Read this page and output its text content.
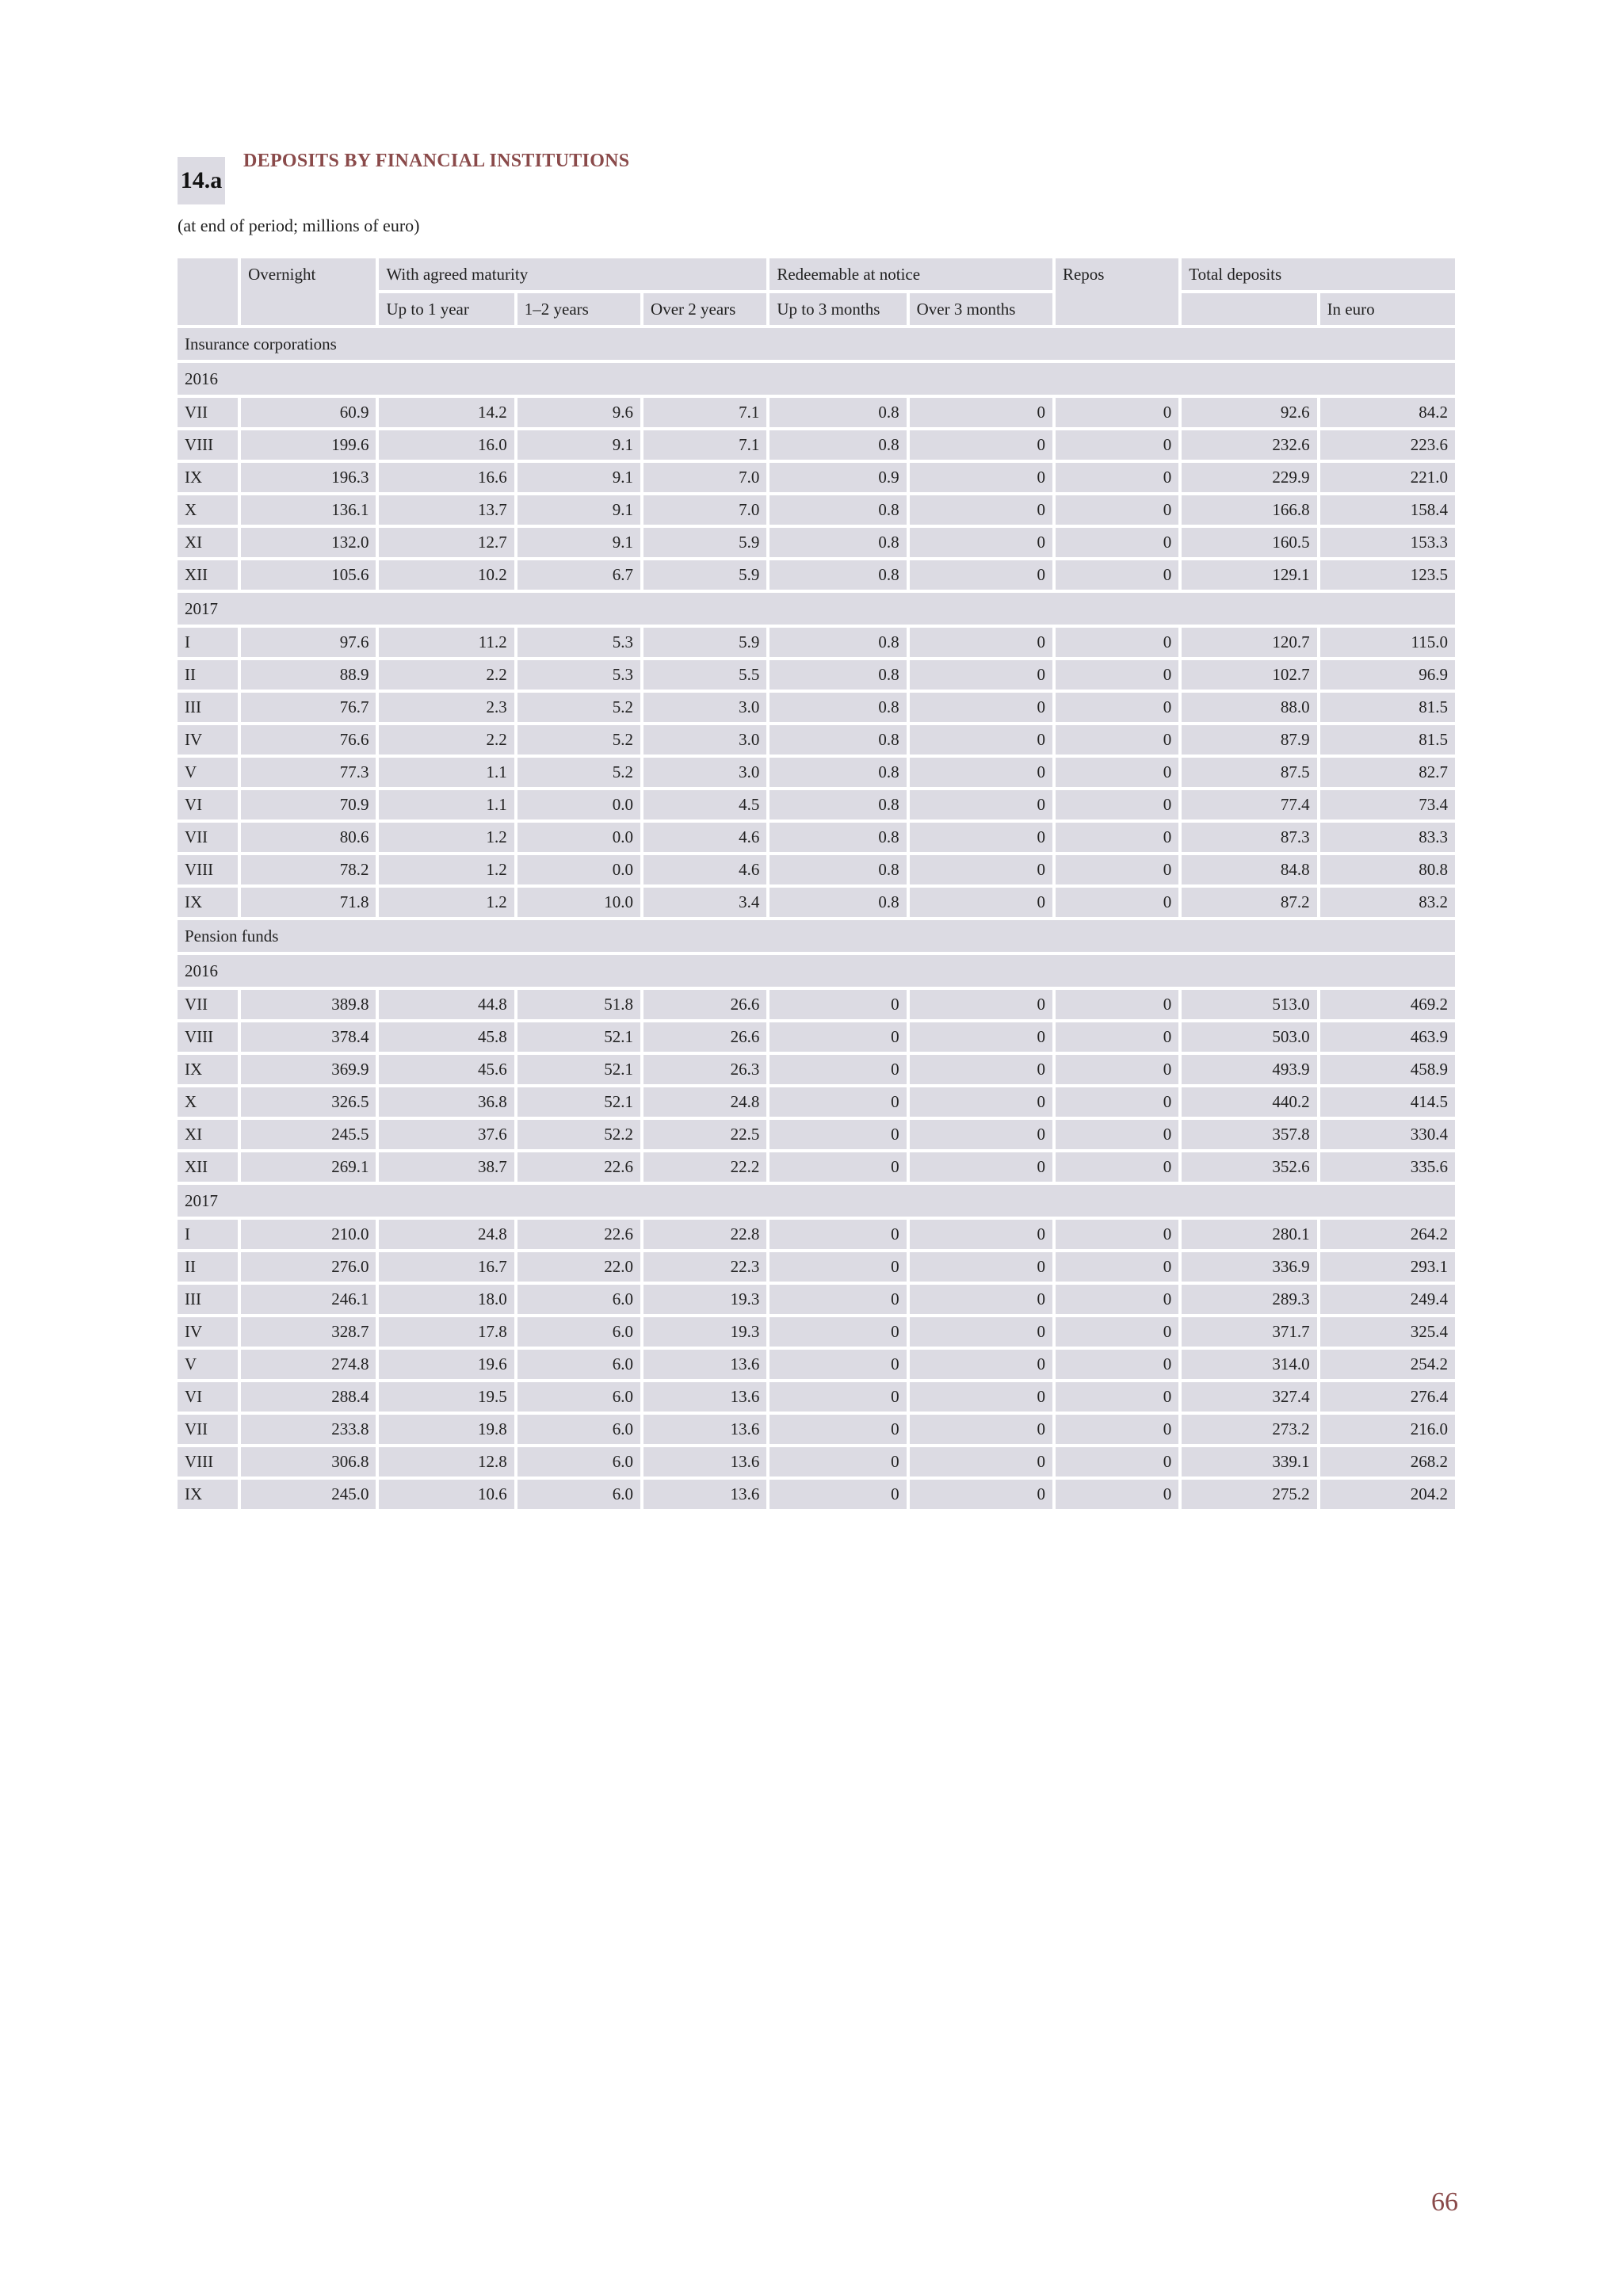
14.a
DEPOSITS BY FINANCIAL INSTITUTIONS
(at end of period; millions of euro)
	Overnight	With agreed maturity			Redeemable at notice		Repos	Total deposits	
		Up to 1 year	1–2 years	Over 2 years	Up to 3 months	Over 3 months			In euro
Insurance corporations									
2016									
VII	60.9	14.2	9.6	7.1	0.8	0	0	92.6	84.2
VIII	199.6	16.0	9.1	7.1	0.8	0	0	232.6	223.6
IX	196.3	16.6	9.1	7.0	0.9	0	0	229.9	221.0
X	136.1	13.7	9.1	7.0	0.8	0	0	166.8	158.4
XI	132.0	12.7	9.1	5.9	0.8	0	0	160.5	153.3
XII	105.6	10.2	6.7	5.9	0.8	0	0	129.1	123.5
2017									
I	97.6	11.2	5.3	5.9	0.8	0	0	120.7	115.0
II	88.9	2.2	5.3	5.5	0.8	0	0	102.7	96.9
III	76.7	2.3	5.2	3.0	0.8	0	0	88.0	81.5
IV	76.6	2.2	5.2	3.0	0.8	0	0	87.9	81.5
V	77.3	1.1	5.2	3.0	0.8	0	0	87.5	82.7
VI	70.9	1.1	0.0	4.5	0.8	0	0	77.4	73.4
VII	80.6	1.2	0.0	4.6	0.8	0	0	87.3	83.3
VIII	78.2	1.2	0.0	4.6	0.8	0	0	84.8	80.8
IX	71.8	1.2	10.0	3.4	0.8	0	0	87.2	83.2
Pension funds									
2016									
VII	389.8	44.8	51.8	26.6	0	0	0	513.0	469.2
VIII	378.4	45.8	52.1	26.6	0	0	0	503.0	463.9
IX	369.9	45.6	52.1	26.3	0	0	0	493.9	458.9
X	326.5	36.8	52.1	24.8	0	0	0	440.2	414.5
XI	245.5	37.6	52.2	22.5	0	0	0	357.8	330.4
XII	269.1	38.7	22.6	22.2	0	0	0	352.6	335.6
2017									
I	210.0	24.8	22.6	22.8	0	0	0	280.1	264.2
II	276.0	16.7	22.0	22.3	0	0	0	336.9	293.1
III	246.1	18.0	6.0	19.3	0	0	0	289.3	249.4
IV	328.7	17.8	6.0	19.3	0	0	0	371.7	325.4
V	274.8	19.6	6.0	13.6	0	0	0	314.0	254.2
VI	288.4	19.5	6.0	13.6	0	0	0	327.4	276.4
VII	233.8	19.8	6.0	13.6	0	0	0	273.2	216.0
VIII	306.8	12.8	6.0	13.6	0	0	0	339.1	268.2
IX	245.0	10.6	6.0	13.6	0	0	0	275.2	204.2
66
